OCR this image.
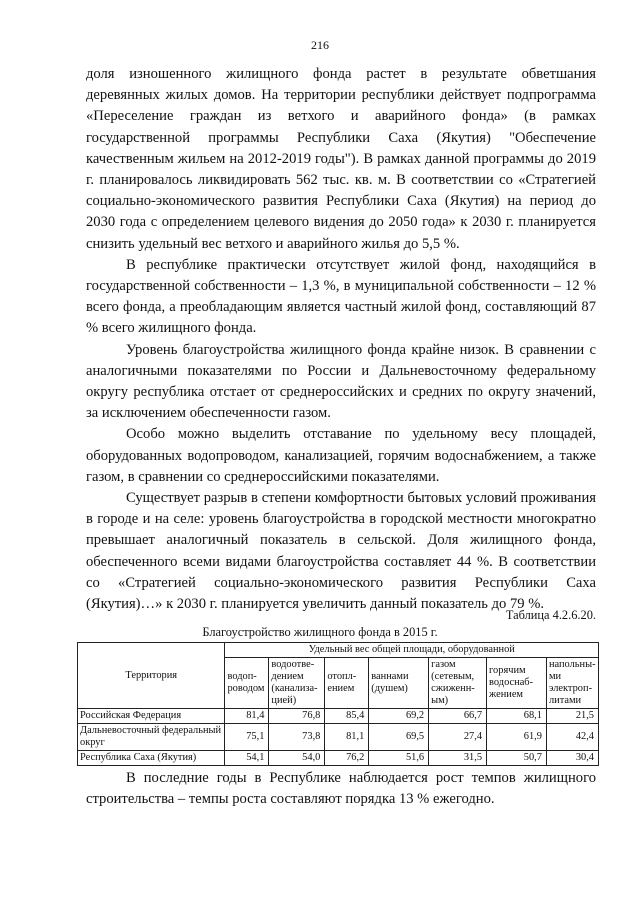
216

доля изношенного жилищного фонда растет в результате обветшания деревянных жилых домов. На территории республики действует подпрограмма «Переселение граждан из ветхого и аварийного фонда» (в рамках государственной программы Республики Саха (Якутия) "Обеспечение качественным жильем на 2012-2019 годы"). В рамках данной программы до 2019 г. планировалось ликвидировать 562 тыс. кв. м. В соответствии со «Стратегией социально-экономического развития Республики Саха (Якутия) на период до 2030 года с определением целевого видения до 2050 года» к 2030 г. планируется снизить удельный вес ветхого и аварийного жилья до 5,5 %.

В республике практически отсутствует жилой фонд, находящийся в государственной собственности – 1,3 %, в муниципальной собственности – 12 % всего фонда, а преобладающим является частный жилой фонд, составляющий 87 % всего жилищного фонда.

Уровень благоустройства жилищного фонда крайне низок. В сравнении с аналогичными показателями по России и Дальневосточному федеральному округу республика отстает от среднероссийских и средних по округу значений, за исключением обеспеченности газом.

Особо можно выделить отставание по удельному весу площадей, оборудованных водопроводом, канализацией, горячим водоснабжением, а также газом, в сравнении со среднероссийскими показателями.

Существует разрыв в степени комфортности бытовых условий проживания в городе и на селе: уровень благоустройства в городской местности многократно превышает аналогичный показатель в сельской. Доля жилищного фонда, обеспеченного всеми видами благоустройства составляет 44 %. В соответствии со «Стратегией социально-экономического развития Республики Саха (Якутия)…» к 2030 г. планируется увеличить данный показатель до 79 %.

Таблица 4.2.6.20.
Благоустройство жилищного фонда в 2015 г.
Территория	Удельный вес общей площади, оборудованной						
	водопроводом	водоотведением (канализацией)	отоплением	ваннами (душем)	газом (сетевым, сжиженным)	горячим водоснабжением	напольными электроплитами
Российская Федерация	81,4	76,8	85,4	69,2	66,7	68,1	21,5
Дальневосточный федеральный округ	75,1	73,8	81,1	69,5	27,4	61,9	42,4
Республика Саха (Якутия)	54,1	54,0	76,2	51,6	31,5	50,7	30,4

В последние годы в Республике наблюдается рост темпов жилищного строительства – темпы роста составляют порядка 13 % ежегодно.
